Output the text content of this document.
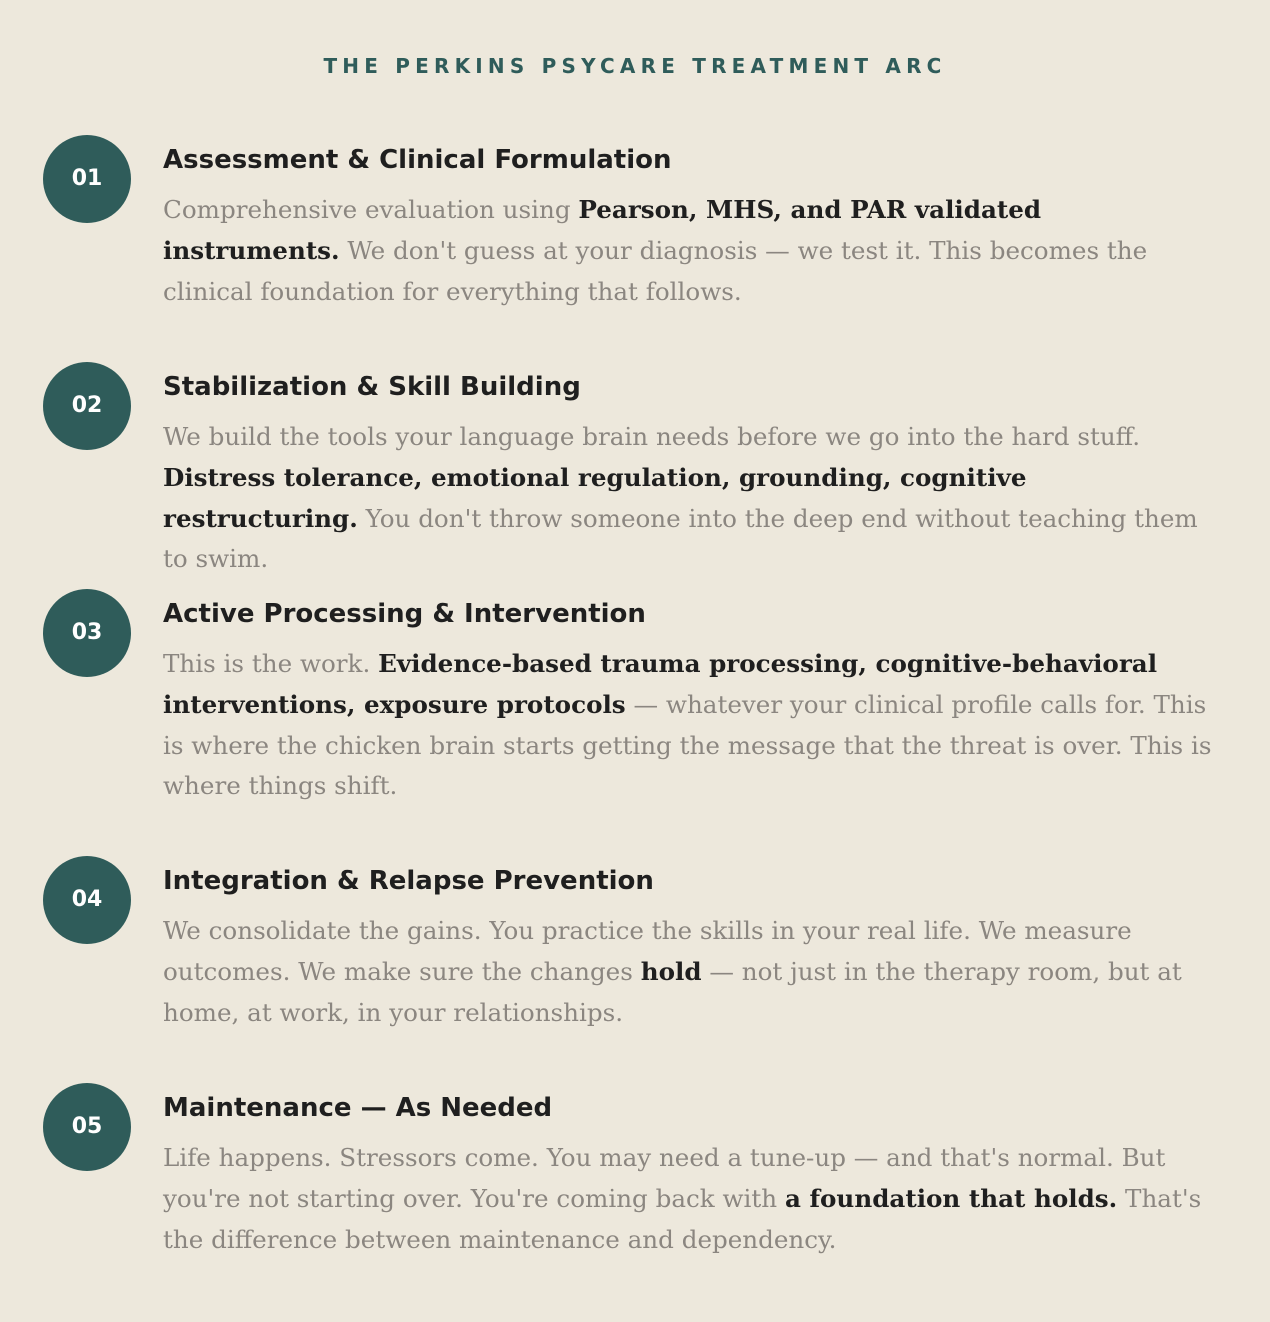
THE PERKINS PSYCARE TREATMENT ARC
01
Assessment & Clinical Formulation

Comprehensive evaluation using Pearson, MHS, and PAR validated instruments. We don't guess at your diagnosis — we test it. This becomes the clinical foundation for everything that follows.

02
Stabilization & Skill Building

We build the tools your language brain needs before we go into the hard stuff. Distress tolerance, emotional regulation, grounding, cognitive restructuring. You don't throw someone into the deep end without teaching them to swim.

03
Active Processing & Intervention

This is the work. Evidence-based trauma processing, cognitive-behavioral interventions, exposure protocols — whatever your clinical profile calls for. This is where the chicken brain starts getting the message that the threat is over. This is where things shift.

04
Integration & Relapse Prevention

We consolidate the gains. You practice the skills in your real life. We measure outcomes. We make sure the changes hold — not just in the therapy room, but at home, at work, in your relationships.

05
Maintenance — As Needed

Life happens. Stressors come. You may need a tune-up — and that's normal. But you're not starting over. You're coming back with a foundation that holds. That's the difference between maintenance and dependency.
